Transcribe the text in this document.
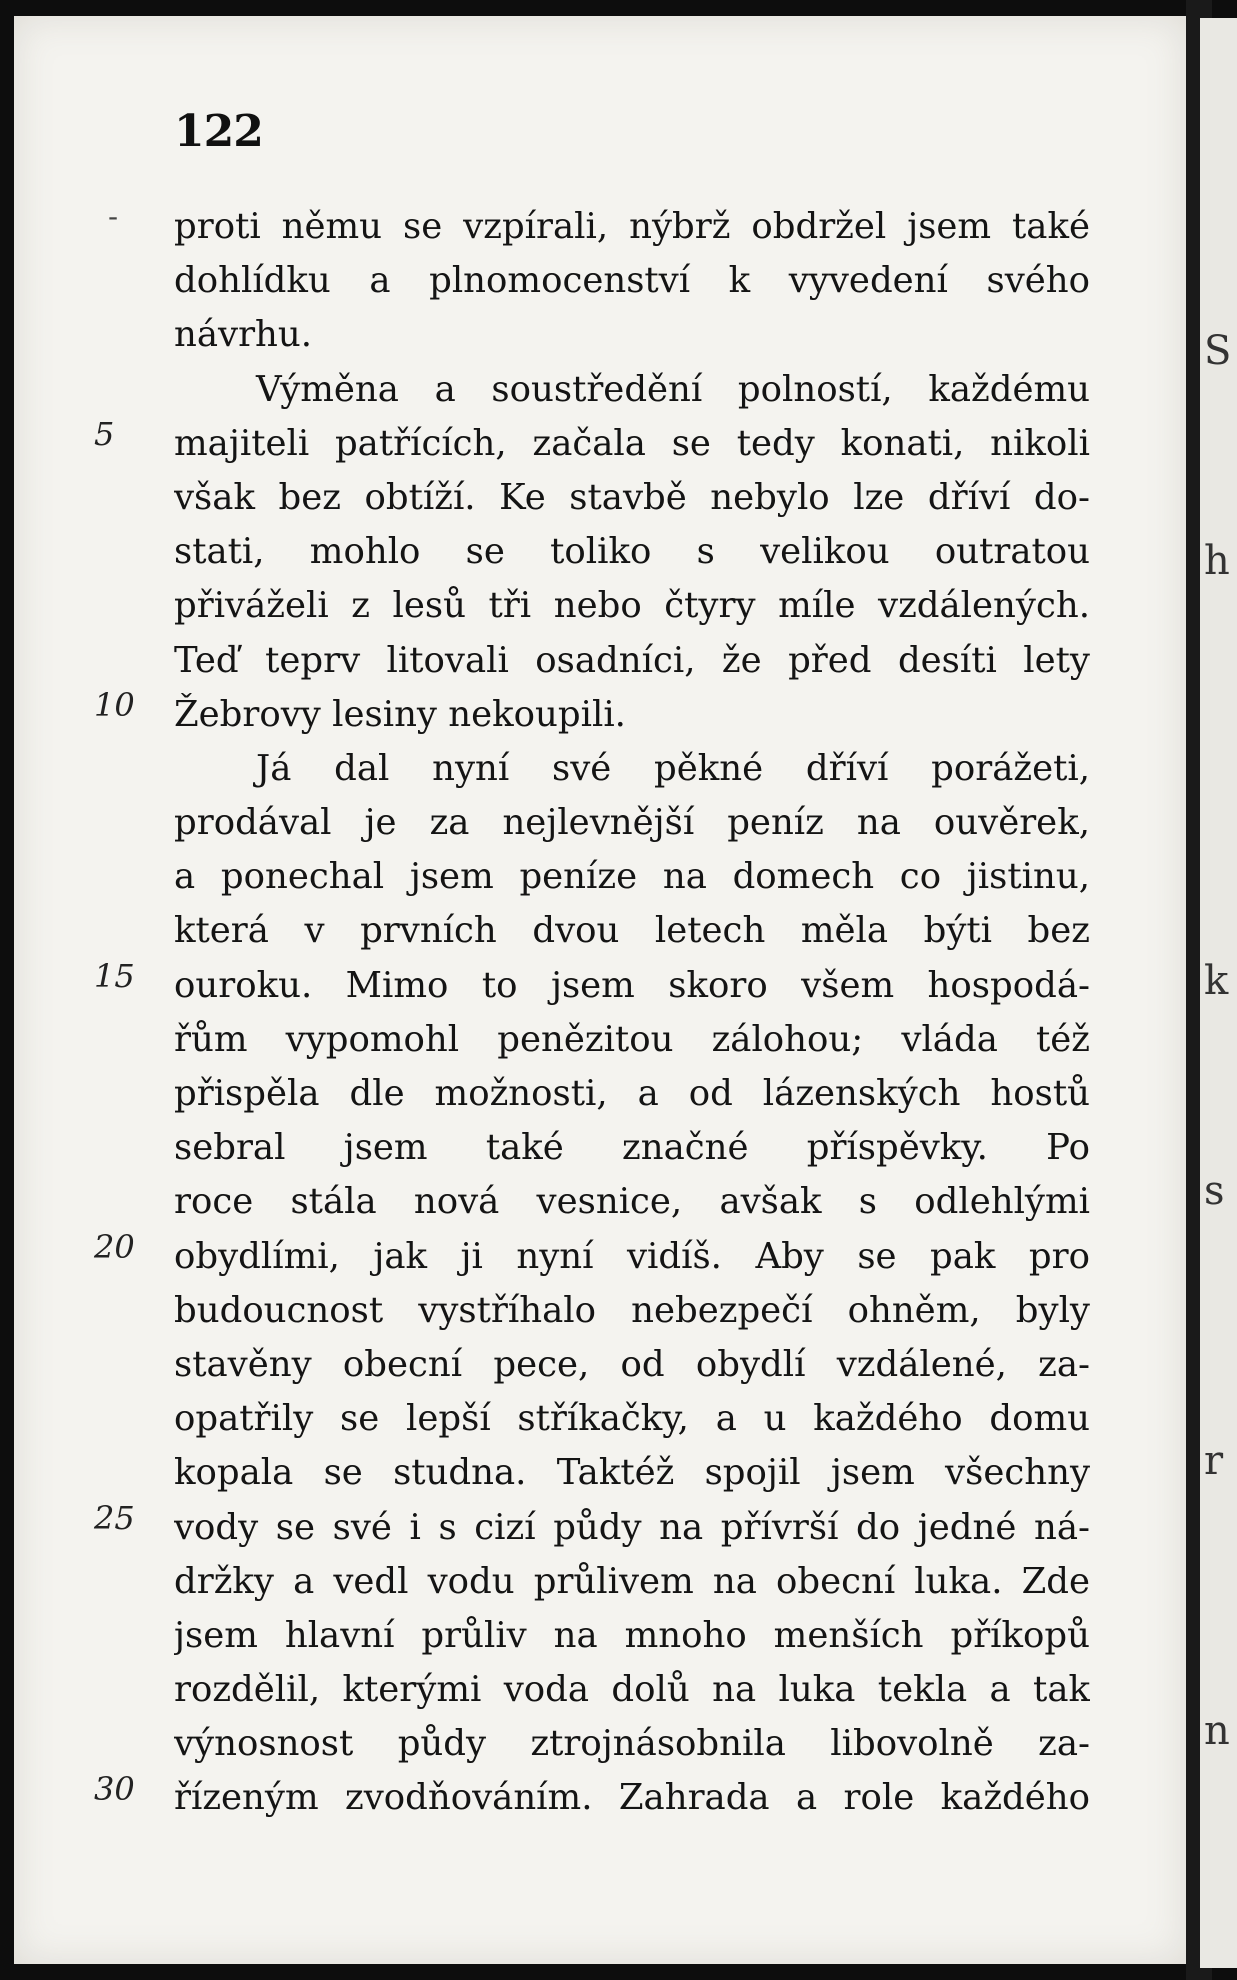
S
h
k
s
r
n
122
-
5
10
15
20
25
30
proti němu se vzpírali, nýbrž obdržel jsem také
dohlídku a plnomocenství k vyvedení svého
návrhu.
Výměna a soustředění polností, každému
majiteli patřících, začala se tedy konati, nikoli
však bez obtíží. Ke stavbě nebylo lze dříví do-
stati, mohlo se toliko s velikou outratou
přiváželi z lesů tři nebo čtyry míle vzdálených.
Teď teprv litovali osadníci, že před desíti lety
Žebrovy lesiny nekoupili.
Já dal nyní své pěkné dříví porážeti,
prodával je za nejlevnější peníz na ouvěrek,
a ponechal jsem peníze na domech co jistinu,
která v prvních dvou letech měla býti bez
ouroku. Mimo to jsem skoro všem hospodá-
řům vypomohl penězitou zálohou; vláda též
přispěla dle možnosti, a od lázenských hostů
sebral jsem také značné příspěvky. Po
roce stála nová vesnice, avšak s odlehlými
obydlími, jak ji nyní vidíš. Aby se pak pro
budoucnost vystříhalo nebezpečí ohněm, byly
stavěny obecní pece, od obydlí vzdálené, za-
opatřily se lepší stříkačky, a u každého domu
kopala se studna. Taktéž spojil jsem všechny
vody se své i s cizí půdy na přívrší do jedné ná-
držky a vedl vodu průlivem na obecní luka. Zde
jsem hlavní průliv na mnoho menších příkopů
rozdělil, kterými voda dolů na luka tekla a tak
výnosnost půdy ztrojnásobnila libovolně za-
řízeným zvodňováním. Zahrada a role každého
